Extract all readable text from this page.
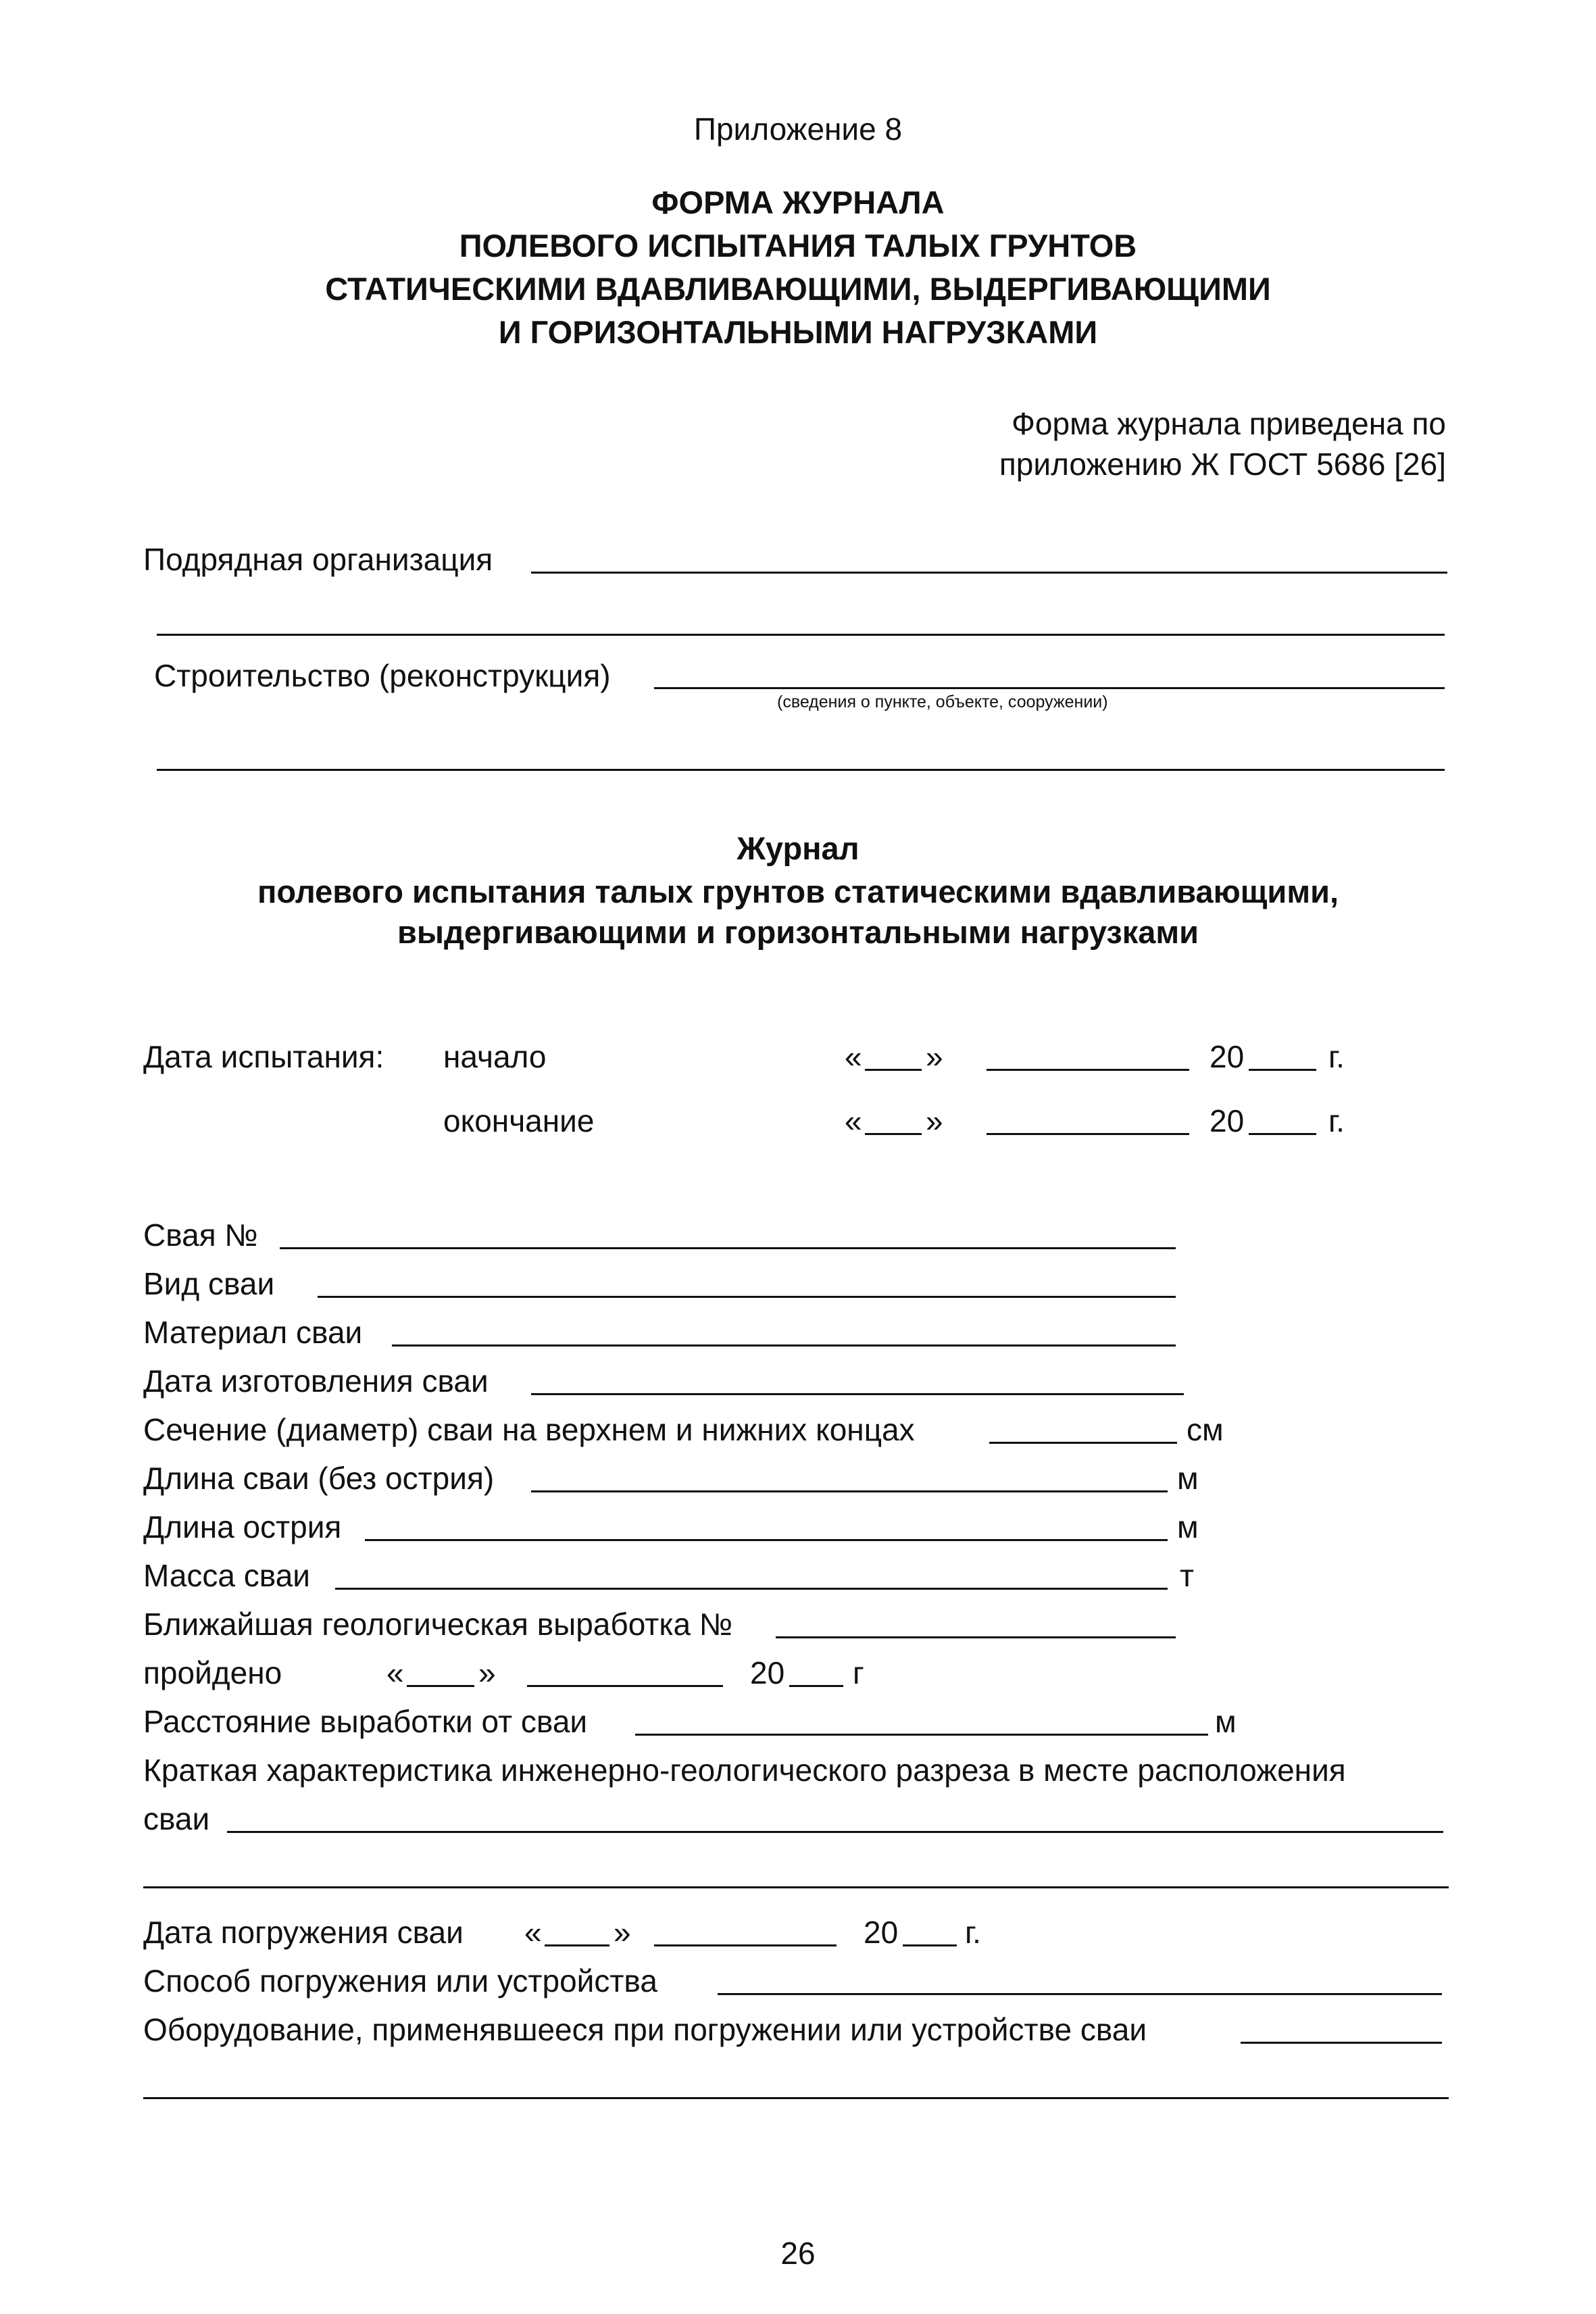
Приложение 8
ФОРМА ЖУРНАЛА
ПОЛЕВОГО ИСПЫТАНИЯ ТАЛЫХ ГРУНТОВ
СТАТИЧЕСКИМИ ВДАВЛИВАЮЩИМИ, ВЫДЕРГИВАЮЩИМИ
И ГОРИЗОНТАЛЬНЫМИ НАГРУЗКАМИ
Форма журнала приведена по
приложению Ж ГОСТ 5686 [26]
Подрядная организация
Строительство (реконструкция)
(сведения о пункте, объекте, сооружении)
Журнал
полевого испытания талых грунтов статическими вдавливающими,
выдергивающими и горизонтальными нагрузками
Дата испытания: начало	« »	20	г.
окончание	« »	20	г.
Свая №
Вид сваи
Материал сваи
Дата изготовления сваи
Сечение (диаметр) сваи на верхнем и нижних концах	см
Длина сваи (без острия)	м
Длина острия	м
Масса сваи	т
Ближайшая геологическая выработка №
пройдено	« »	20 г
Расстояние выработки от сваи	м
Краткая характеристика инженерно-геологического разреза в месте расположения
сваи
Дата погружения сваи « »	20 г.
Способ погружения или устройства
Оборудование, применявшееся при погружении или устройстве сваи
26
